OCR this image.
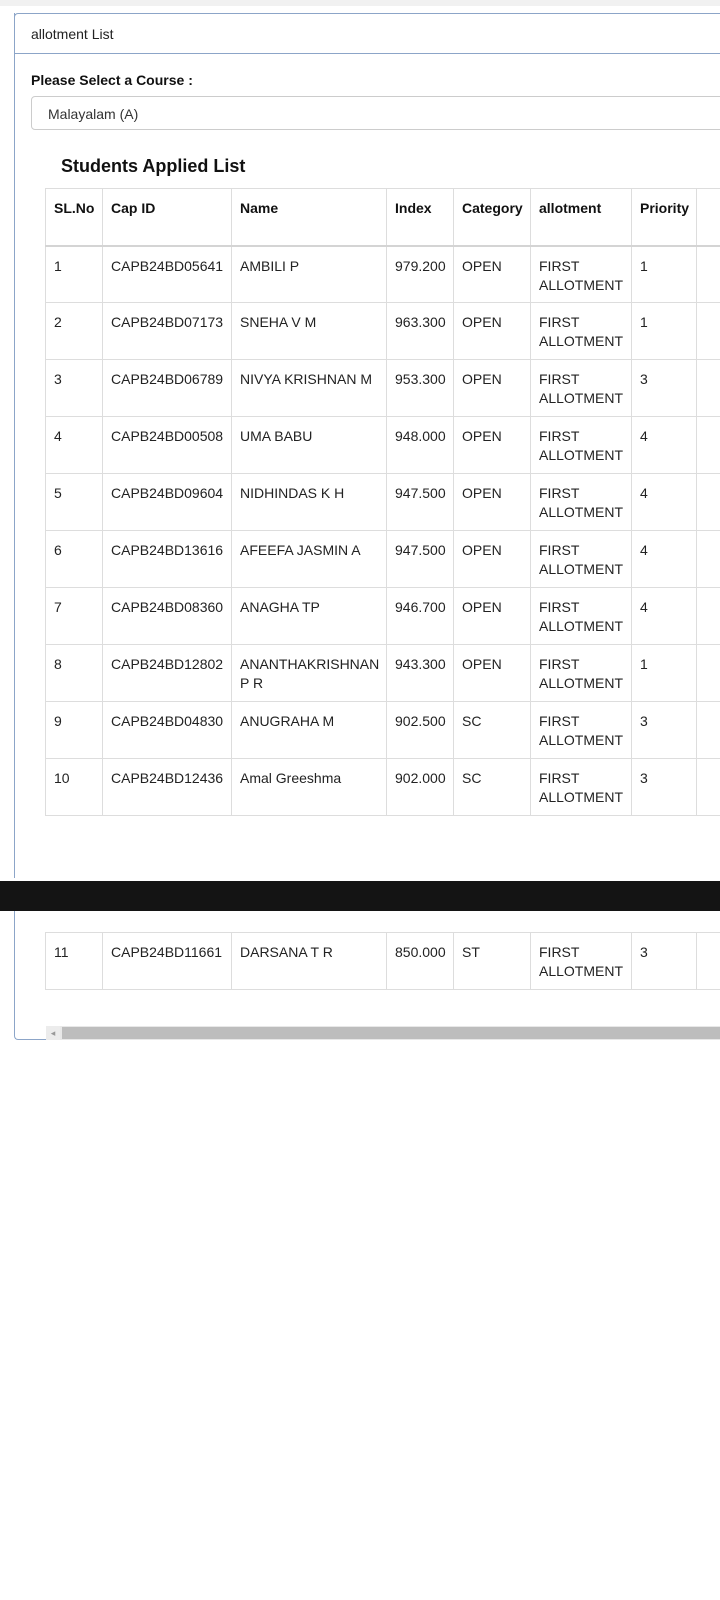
allotment List
Please Select a Course :
Malayalam (A)
Students Applied List
SL.No	Cap ID	Name	Index	Category	allotment	Priority	
1	CAPB24BD05641	AMBILI P	979.200	OPEN	FIRST ALLOTMENT	1	
2	CAPB24BD07173	SNEHA V M	963.300	OPEN	FIRST ALLOTMENT	1	
3	CAPB24BD06789	NIVYA KRISHNAN M	953.300	OPEN	FIRST ALLOTMENT	3	
4	CAPB24BD00508	UMA BABU	948.000	OPEN	FIRST ALLOTMENT	4	
5	CAPB24BD09604	NIDHINDAS K H	947.500	OPEN	FIRST ALLOTMENT	4	
6	CAPB24BD13616	AFEEFA JASMIN A	947.500	OPEN	FIRST ALLOTMENT	4	
7	CAPB24BD08360	ANAGHA TP	946.700	OPEN	FIRST ALLOTMENT	4	
8	CAPB24BD12802	ANANTHAKRISHNAN P R	943.300	OPEN	FIRST ALLOTMENT	1	
9	CAPB24BD04830	ANUGRAHA M	902.500	SC	FIRST ALLOTMENT	3	
10	CAPB24BD12436	Amal Greeshma	902.000	SC	FIRST ALLOTMENT	3	
11	CAPB24BD11661	DARSANA T R	850.000	ST	FIRST ALLOTMENT	3	
◂
